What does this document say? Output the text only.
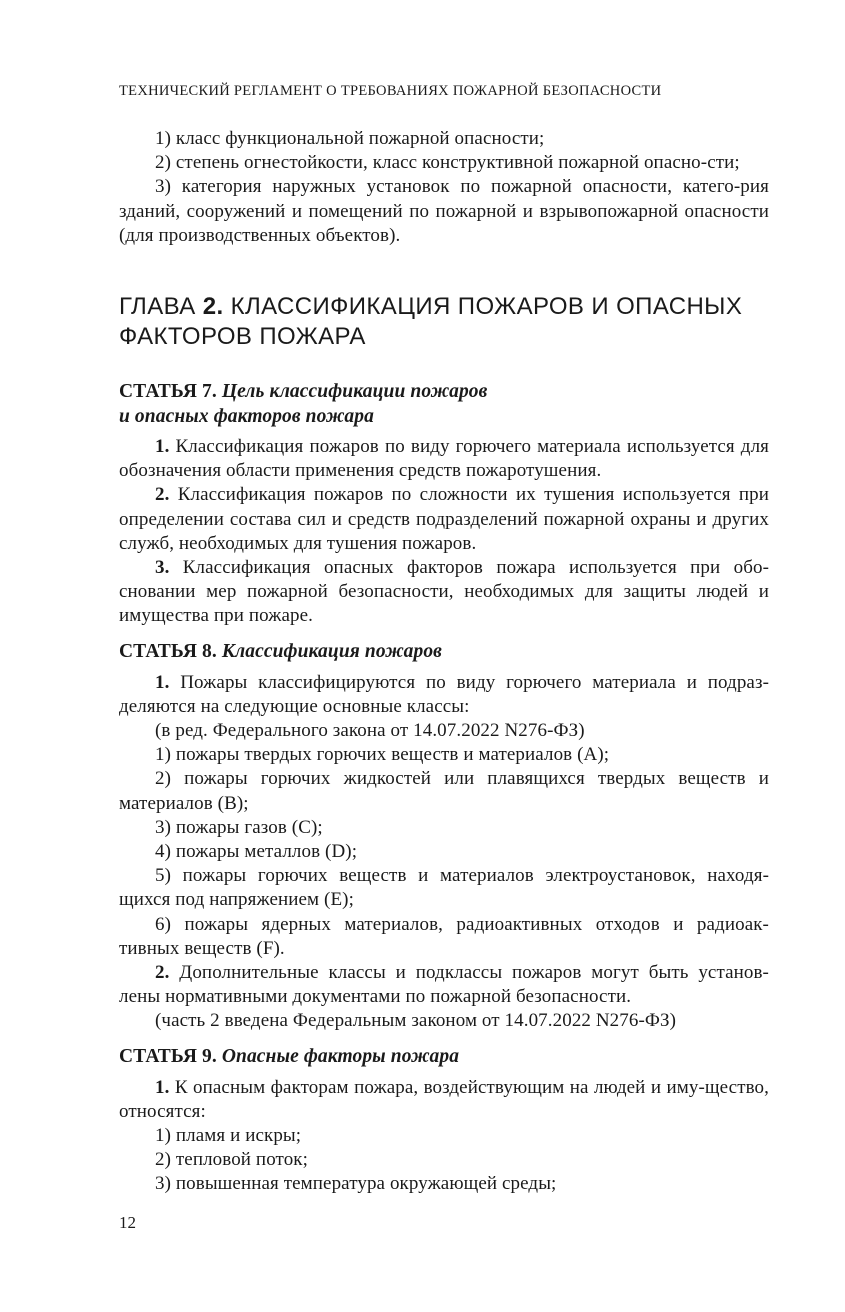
ТЕХНИЧЕСКИЙ РЕГЛАМЕНТ О ТРЕБОВАНИЯХ ПОЖАРНОЙ БЕЗОПАСНОСТИ

1) класс функциональной пожарной опасности;

2) степень огнестойкости, класс конструктивной пожарной опасно-сти;

3) категория наружных установок по пожарной опасности, катего-рия зданий, сооружений и помещений по пожарной и взрывопожарной опасности (для производственных объектов).

ГЛАВА 2. КЛАССИФИКАЦИЯ ПОЖАРОВ И ОПАСНЫХ ФАКТОРОВ ПОЖАРА
СТАТЬЯ 7. Цель классификации пожаров
и опасных факторов пожара

1. Классификация пожаров по виду горючего материала используется для обозначения области применения средств пожаротушения.

2. Классификация пожаров по сложности их тушения используется при определении состава сил и средств подразделений пожарной охраны и других служб, необходимых для тушения пожаров.

3. Классификация опасных факторов пожара используется при обо-сновании мер пожарной безопасности, необходимых для защиты людей и имущества при пожаре.

СТАТЬЯ 8. Классификация пожаров

1. Пожары классифицируются по виду горючего материала и подраз-деляются на следующие основные классы:

(в ред. Федерального закона от 14.07.2022 N276-ФЗ)

1) пожары твердых горючих веществ и материалов (A);

2) пожары горючих жидкостей или плавящихся твердых веществ и материалов (B);

3) пожары газов (C);

4) пожары металлов (D);

5) пожары горючих веществ и материалов электроустановок, находя-щихся под напряжением (E);

6) пожары ядерных материалов, радиоактивных отходов и радиоак-тивных веществ (F).

2. Дополнительные классы и подклассы пожаров могут быть установ-лены нормативными документами по пожарной безопасности.

(часть 2 введена Федеральным законом от 14.07.2022 N276-ФЗ)

СТАТЬЯ 9. Опасные факторы пожара

1. К опасным факторам пожара, воздействующим на людей и иму-щество, относятся:

1) пламя и искры;

2) тепловой поток;

3) повышенная температура окружающей среды;

12
